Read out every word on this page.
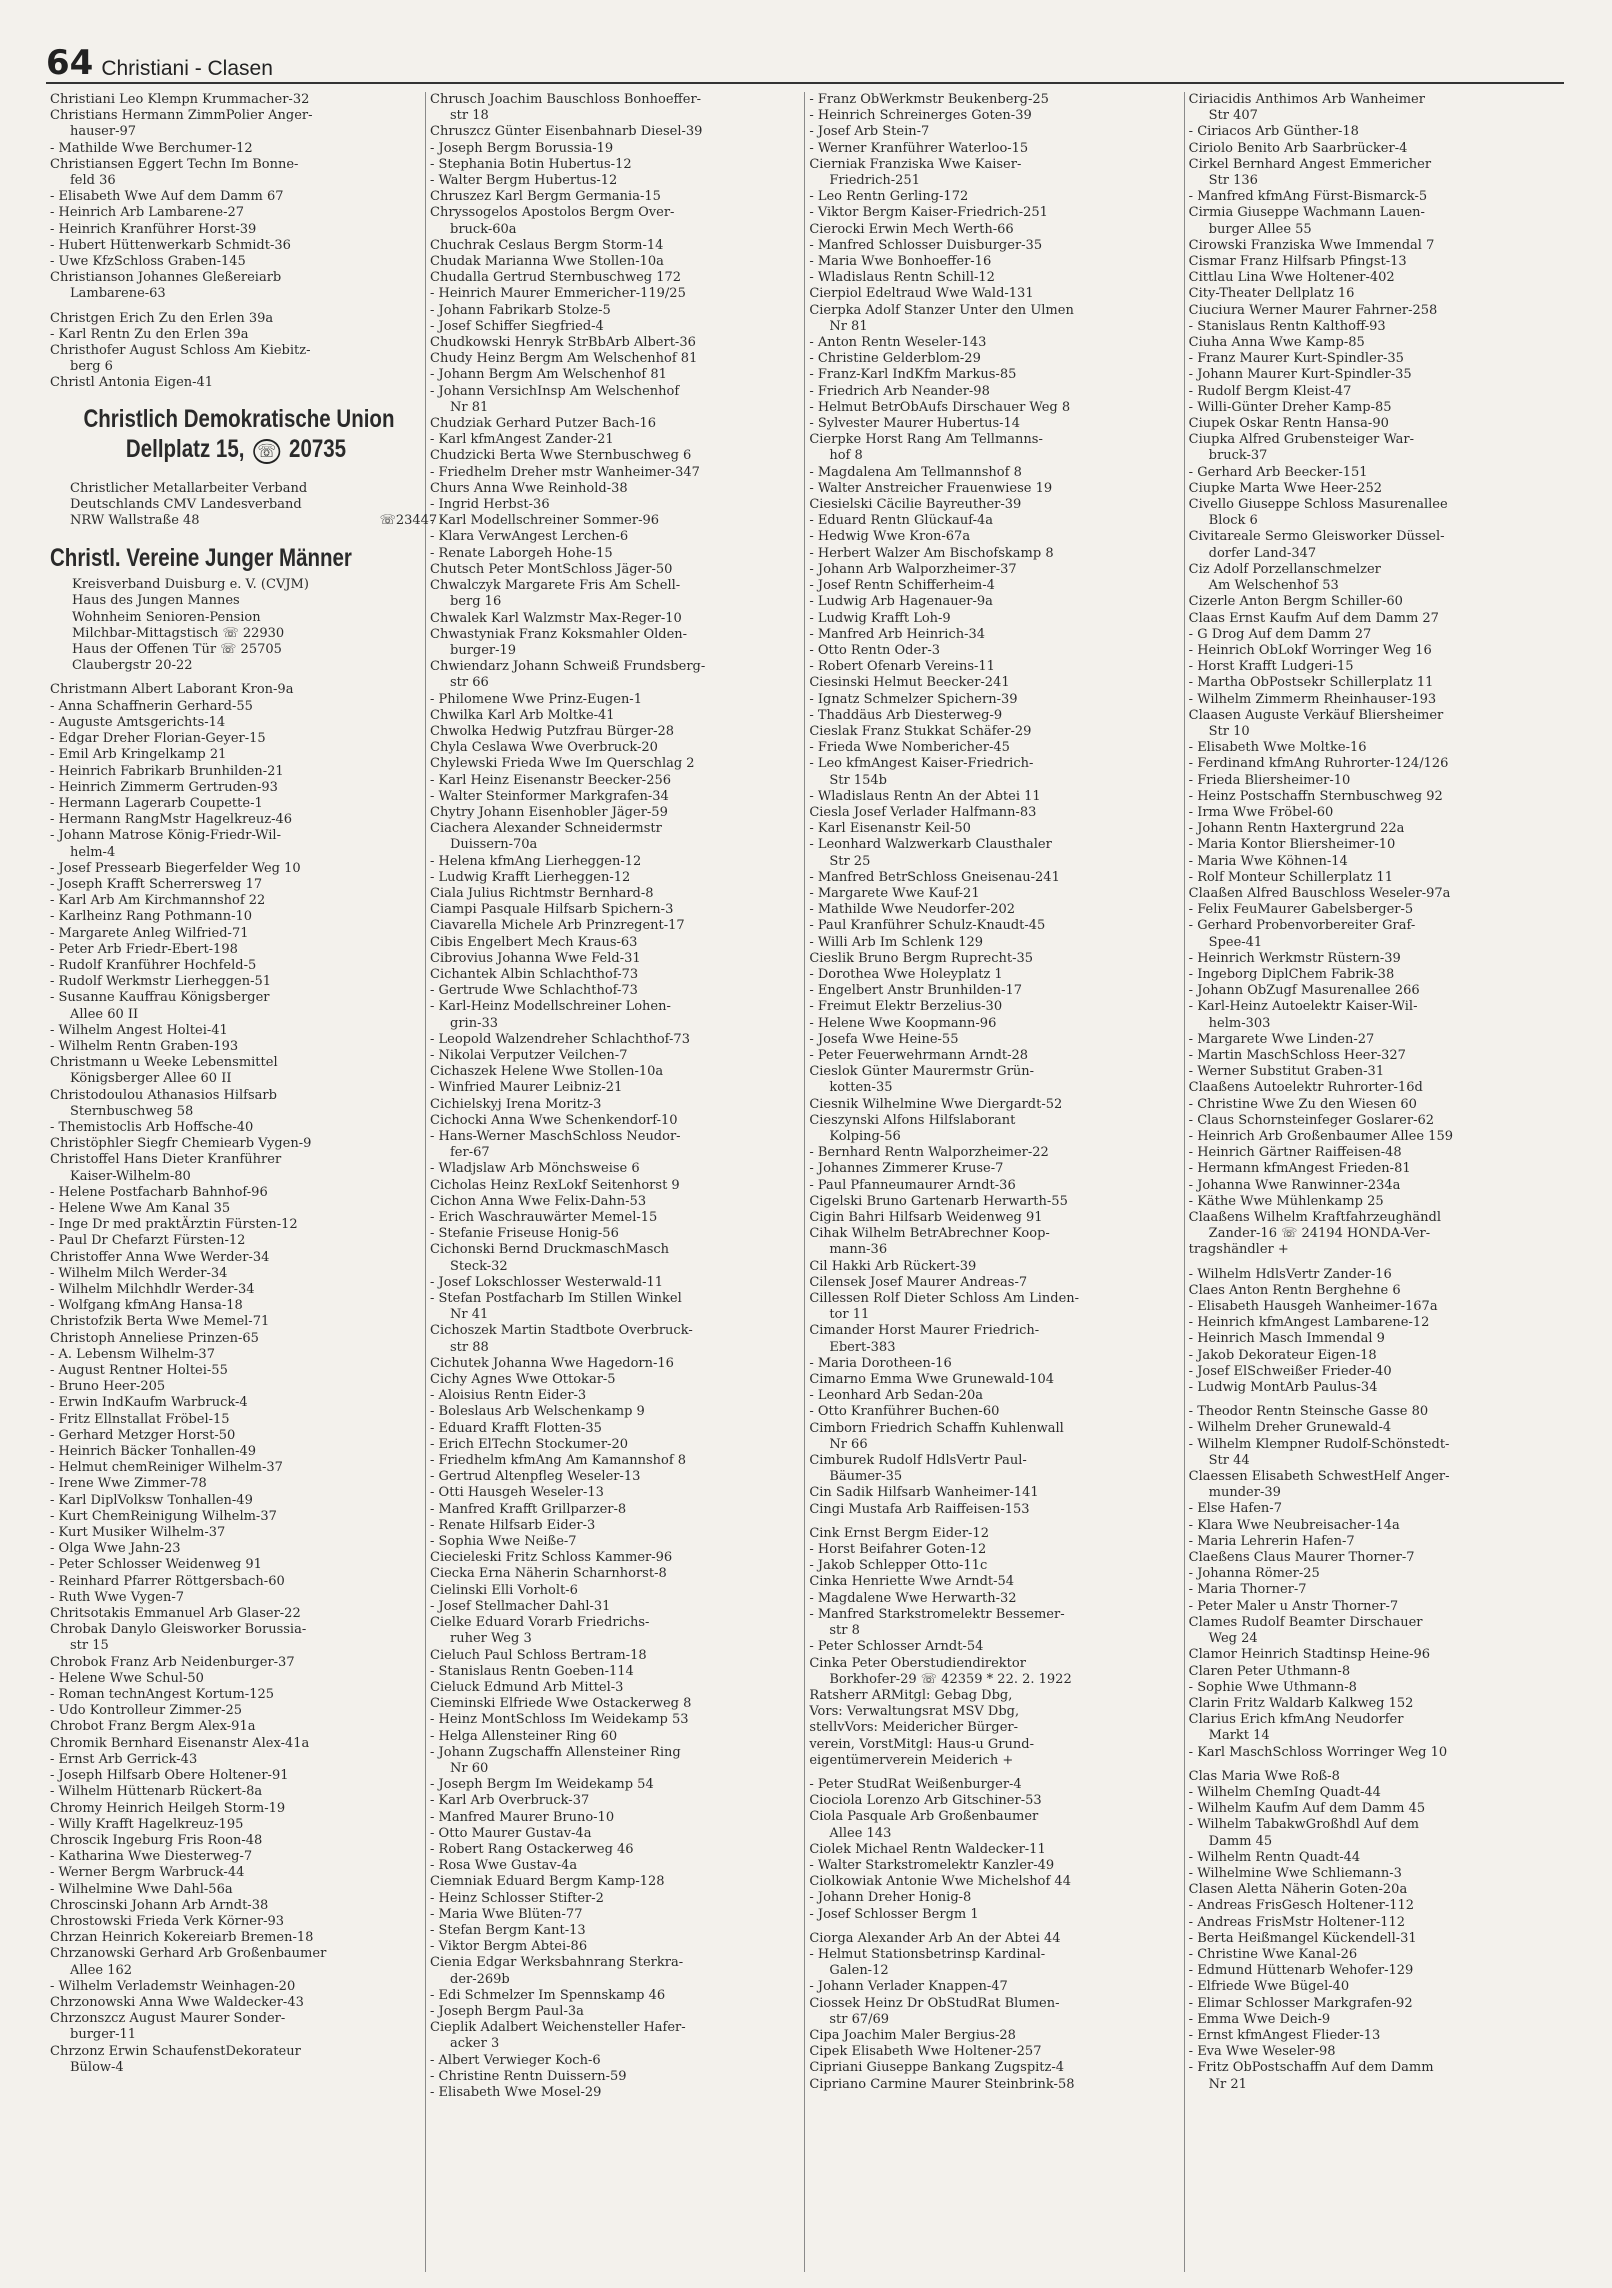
64 Christiani - Clasen
Christiani Leo Klempn Krummacher-32
Christians Hermann ZimmPolier Anger-
hauser-97
- Mathilde Wwe Berchumer-12
Christiansen Eggert Techn Im Bonne-
feld 36
- Elisabeth Wwe Auf dem Damm 67
- Heinrich Arb Lambarene-27
- Heinrich Kranführer Horst-39
- Hubert Hüttenwerkarb Schmidt-36
- Uwe KfzSchloss Graben-145
Christianson Johannes Gleßereiarb
Lambarene-63
Christgen Erich Zu den Erlen 39a
- Karl Rentn Zu den Erlen 39a
Christhofer August Schloss Am Kiebitz-
berg 6
Christl Antonia Eigen-41
Christlich Demokratische Union
Dellplatz 15, ☏ 20735
Christlicher Metallarbeiter Verband
Deutschlands CMV Landesverband
NRW Wallstraße 48	☏23447
Christl. Vereine Junger Männer
Kreisverband Duisburg e. V. (CVJM)
Haus des Jungen Mannes
Wohnheim Senioren-Pension
Milchbar-Mittagstisch ☏ 22930
Haus der Offenen Tür ☏ 25705
Claubergstr 20-22
Christmann Albert Laborant Kron-9a
- Anna Schaffnerin Gerhard-55
- Auguste Amtsgerichts-14
- Edgar Dreher Florian-Geyer-15
- Emil Arb Kringelkamp 21
- Heinrich Fabrikarb Brunhilden-21
- Heinrich Zimmerm Gertruden-93
- Hermann Lagerarb Coupette-1
- Hermann RangMstr Hagelkreuz-46
- Johann Matrose König-Friedr-Wil-
helm-4
- Josef Pressearb Biegerfelder Weg 10
- Joseph Krafft Scherrersweg 17
- Karl Arb Am Kirchmannshof 22
- Karlheinz Rang Pothmann-10
- Margarete Anleg Wilfried-71
- Peter Arb Friedr-Ebert-198
- Rudolf Kranführer Hochfeld-5
- Rudolf Werkmstr Lierheggen-51
- Susanne Kauffrau Königsberger
Allee 60 II
- Wilhelm Angest Holtei-41
- Wilhelm Rentn Graben-193
Christmann u Weeke Lebensmittel
Königsberger Allee 60 II
Christodoulou Athanasios Hilfsarb
Sternbuschweg 58
- Themistoclis Arb Hoffsche-40
Christöphler Siegfr Chemiearb Vygen-9
Christoffel Hans Dieter Kranführer
Kaiser-Wilhelm-80
- Helene Postfacharb Bahnhof-96
- Helene Wwe Am Kanal 35
- Inge Dr med praktÄrztin Fürsten-12
- Paul Dr Chefarzt Fürsten-12
Christoffer Anna Wwe Werder-34
- Wilhelm Milch Werder-34
- Wilhelm Milchhdlr Werder-34
- Wolfgang kfmAng Hansa-18
Christofzik Berta Wwe Memel-71
Christoph Anneliese Prinzen-65
- A. Lebensm Wilhelm-37
- August Rentner Holtei-55
- Bruno Heer-205
- Erwin IndKaufm Warbruck-4
- Fritz Ellnstallat Fröbel-15
- Gerhard Metzger Horst-50
- Heinrich Bäcker Tonhallen-49
- Helmut chemReiniger Wilhelm-37
- Irene Wwe Zimmer-78
- Karl DiplVolksw Tonhallen-49
- Kurt ChemReinigung Wilhelm-37
- Kurt Musiker Wilhelm-37
- Olga Wwe Jahn-23
- Peter Schlosser Weidenweg 91
- Reinhard Pfarrer Röttgersbach-60
- Ruth Wwe Vygen-7
Chritsotakis Emmanuel Arb Glaser-22
Chrobak Danylo Gleisworker Borussia-
str 15
Chrobok Franz Arb Neidenburger-37
- Helene Wwe Schul-50
- Roman technAngest Kortum-125
- Udo Kontrolleur Zimmer-25
Chrobot Franz Bergm Alex-91a
Chromik Bernhard Eisenanstr Alex-41a
- Ernst Arb Gerrick-43
- Joseph Hilfsarb Obere Holtener-91
- Wilhelm Hüttenarb Rückert-8a
Chromy Heinrich Heilgeh Storm-19
- Willy Krafft Hagelkreuz-195
Chroscik Ingeburg Fris Roon-48
- Katharina Wwe Diesterweg-7
- Werner Bergm Warbruck-44
- Wilhelmine Wwe Dahl-56a
Chroscinski Johann Arb Arndt-38
Chrostowski Frieda Verk Körner-93
Chrzan Heinrich Kokereiarb Bremen-18
Chrzanowski Gerhard Arb Großenbaumer
Allee 162
- Wilhelm Verlademstr Weinhagen-20
Chrzonowski Anna Wwe Waldecker-43
Chrzonszcz August Maurer Sonder-
burger-11
Chrzonz Erwin SchaufenstDekorateur
Bülow-4
Chrusch Joachim Bauschloss Bonhoeffer-
str 18
Chruszcz Günter Eisenbahnarb Diesel-39
- Joseph Bergm Borussia-19
- Stephania Botin Hubertus-12
- Walter Bergm Hubertus-12
Chruszez Karl Bergm Germania-15
Chryssogelos Apostolos Bergm Over-
bruck-60a
Chuchrak Ceslaus Bergm Storm-14
Chudak Marianna Wwe Stollen-10a
Chudalla Gertrud Sternbuschweg 172
- Heinrich Maurer Emmericher-119/25
- Johann Fabrikarb Stolze-5
- Josef Schiffer Siegfried-4
Chudkowski Henryk StrBbArb Albert-36
Chudy Heinz Bergm Am Welschenhof 81
- Johann Bergm Am Welschenhof 81
- Johann VersichInsp Am Welschenhof
Nr 81
Chudziak Gerhard Putzer Bach-16
- Karl kfmAngest Zander-21
Chudzicki Berta Wwe Sternbuschweg 6
- Friedhelm Dreher mstr Wanheimer-347
Churs Anna Wwe Reinhold-38
- Ingrid Herbst-36
- Karl Modellschreiner Sommer-96
- Klara VerwAngest Lerchen-6
- Renate Laborgeh Hohe-15
Chutsch Peter MontSchloss Jäger-50
Chwalczyk Margarete Fris Am Schell-
berg 16
Chwalek Karl Walzmstr Max-Reger-10
Chwastyniak Franz Koksmahler Olden-
burger-19
Chwiendarz Johann Schweiß Frundsberg-
str 66
- Philomene Wwe Prinz-Eugen-1
Chwilka Karl Arb Moltke-41
Chwolka Hedwig Putzfrau Bürger-28
Chyla Ceslawa Wwe Overbruck-20
Chylewski Frieda Wwe Im Querschlag 2
- Karl Heinz Eisenanstr Beecker-256
- Walter Steinformer Markgrafen-34
Chytry Johann Eisenhobler Jäger-59
Ciachera Alexander Schneidermstr
Duissern-70a
- Helena kfmAng Lierheggen-12
- Ludwig Krafft Lierheggen-12
Ciala Julius Richtmstr Bernhard-8
Ciampi Pasquale Hilfsarb Spichern-3
Ciavarella Michele Arb Prinzregent-17
Cibis Engelbert Mech Kraus-63
Cibrovius Johanna Wwe Feld-31
Cichantek Albin Schlachthof-73
- Gertrude Wwe Schlachthof-73
- Karl-Heinz Modellschreiner Lohen-
grin-33
- Leopold Walzendreher Schlachthof-73
- Nikolai Verputzer Veilchen-7
Cichaszek Helene Wwe Stollen-10a
- Winfried Maurer Leibniz-21
Cichielskyj Irena Moritz-3
Cichocki Anna Wwe Schenkendorf-10
- Hans-Werner MaschSchloss Neudor-
fer-67
- Wladjslaw Arb Mönchsweise 6
Cicholas Heinz RexLokf Seitenhorst 9
Cichon Anna Wwe Felix-Dahn-53
- Erich Waschrauwärter Memel-15
- Stefanie Friseuse Honig-56
Cichonski Bernd DruckmaschMasch
Steck-32
- Josef Lokschlosser Westerwald-11
- Stefan Postfacharb Im Stillen Winkel
Nr 41
Cichoszek Martin Stadtbote Overbruck-
str 88
Cichutek Johanna Wwe Hagedorn-16
Cichy Agnes Wwe Ottokar-5
- Aloisius Rentn Eider-3
- Boleslaus Arb Welschenkamp 9
- Eduard Krafft Flotten-35
- Erich ElTechn Stockumer-20
- Friedhelm kfmAng Am Kamannshof 8
- Gertrud Altenpfleg Weseler-13
- Otti Hausgeh Weseler-13
- Manfred Krafft Grillparzer-8
- Renate Hilfsarb Eider-3
- Sophia Wwe Neiße-7
Ciecieleski Fritz Schloss Kammer-96
Ciecka Erna Näherin Scharnhorst-8
Cielinski Elli Vorholt-6
- Josef Stellmacher Dahl-31
Cielke Eduard Vorarb Friedrichs-
ruher Weg 3
Cieluch Paul Schloss Bertram-18
- Stanislaus Rentn Goeben-114
Cieluck Edmund Arb Mittel-3
Cieminski Elfriede Wwe Ostackerweg 8
- Heinz MontSchloss Im Weidekamp 53
- Helga Allensteiner Ring 60
- Johann Zugschaffn Allensteiner Ring
Nr 60
- Joseph Bergm Im Weidekamp 54
- Karl Arb Overbruck-37
- Manfred Maurer Bruno-10
- Otto Maurer Gustav-4a
- Robert Rang Ostackerweg 46
- Rosa Wwe Gustav-4a
Ciemniak Eduard Bergm Kamp-128
- Heinz Schlosser Stifter-2
- Maria Wwe Blüten-77
- Stefan Bergm Kant-13
- Viktor Bergm Abtei-86
Cienia Edgar Werksbahnrang Sterkra-
der-269b
- Edi Schmelzer Im Spennskamp 46
- Joseph Bergm Paul-3a
Cieplik Adalbert Weichensteller Hafer-
acker 3
- Albert Verwieger Koch-6
- Christine Rentn Duissern-59
- Elisabeth Wwe Mosel-29
- Franz ObWerkmstr Beukenberg-25
- Heinrich Schreinerges Goten-39
- Josef Arb Stein-7
- Werner Kranführer Waterloo-15
Cierniak Franziska Wwe Kaiser-
Friedrich-251
- Leo Rentn Gerling-172
- Viktor Bergm Kaiser-Friedrich-251
Cierocki Erwin Mech Werth-66
- Manfred Schlosser Duisburger-35
- Maria Wwe Bonhoeffer-16
- Wladislaus Rentn Schill-12
Cierpiol Edeltraud Wwe Wald-131
Cierpka Adolf Stanzer Unter den Ulmen
Nr 81
- Anton Rentn Weseler-143
- Christine Gelderblom-29
- Franz-Karl IndKfm Markus-85
- Friedrich Arb Neander-98
- Helmut BetrObAufs Dirschauer Weg 8
- Sylvester Maurer Hubertus-14
Cierpke Horst Rang Am Tellmanns-
hof 8
- Magdalena Am Tellmannshof 8
- Walter Anstreicher Frauenwiese 19
Ciesielski Cäcilie Bayreuther-39
- Eduard Rentn Glückauf-4a
- Hedwig Wwe Kron-67a
- Herbert Walzer Am Bischofskamp 8
- Johann Arb Walporzheimer-37
- Josef Rentn Schifferheim-4
- Ludwig Arb Hagenauer-9a
- Ludwig Krafft Loh-9
- Manfred Arb Heinrich-34
- Otto Rentn Oder-3
- Robert Ofenarb Vereins-11
Ciesinski Helmut Beecker-241
- Ignatz Schmelzer Spichern-39
- Thaddäus Arb Diesterweg-9
Cieslak Franz Stukkat Schäfer-29
- Frieda Wwe Nombericher-45
- Leo kfmAngest Kaiser-Friedrich-
Str 154b
- Wladislaus Rentn An der Abtei 11
Ciesla Josef Verlader Halfmann-83
- Karl Eisenanstr Keil-50
- Leonhard Walzwerkarb Clausthaler
Str 25
- Manfred BetrSchloss Gneisenau-241
- Margarete Wwe Kauf-21
- Mathilde Wwe Neudorfer-202
- Paul Kranführer Schulz-Knaudt-45
- Willi Arb Im Schlenk 129
Cieslik Bruno Bergm Ruprecht-35
- Dorothea Wwe Holeyplatz 1
- Engelbert Anstr Brunhilden-17
- Freimut Elektr Berzelius-30
- Helene Wwe Koopmann-96
- Josefa Wwe Heine-55
- Peter Feuerwehrmann Arndt-28
Cieslok Günter Maurermstr Grün-
kotten-35
Ciesnik Wilhelmine Wwe Diergardt-52
Cieszynski Alfons Hilfslaborant
Kolping-56
- Bernhard Rentn Walporzheimer-22
- Johannes Zimmerer Kruse-7
- Paul Pfanneumaurer Arndt-36
Cigelski Bruno Gartenarb Herwarth-55
Cigin Bahri Hilfsarb Weidenweg 91
Cihak Wilhelm BetrAbrechner Koop-
mann-36
Cil Hakki Arb Rückert-39
Cilensek Josef Maurer Andreas-7
Cillessen Rolf Dieter Schloss Am Linden-
tor 11
Cimander Horst Maurer Friedrich-
Ebert-383
- Maria Dorotheen-16
Cimarno Emma Wwe Grunewald-104
- Leonhard Arb Sedan-20a
- Otto Kranführer Buchen-60
Cimborn Friedrich Schaffn Kuhlenwall
Nr 66
Cimburek Rudolf HdlsVertr Paul-
Bäumer-35
Cin Sadik Hilfsarb Wanheimer-141
Cingi Mustafa Arb Raiffeisen-153
Cink Ernst Bergm Eider-12
- Horst Beifahrer Goten-12
- Jakob Schlepper Otto-11c
Cinka Henriette Wwe Arndt-54
- Magdalene Wwe Herwarth-32
- Manfred Starkstromelektr Bessemer-
str 8
- Peter Schlosser Arndt-54
Cinka Peter Oberstudiendirektor
Borkhofer-29 ☏ 42359 * 22. 2. 1922
Ratsherr ARMitgl: Gebag Dbg,
Vors: Verwaltungsrat MSV Dbg,
stellvVors: Meidericher Bürger-
verein, VorstMitgl: Haus-u Grund-
eigentümerverein Meiderich +
- Peter StudRat Weißenburger-4
Ciociola Lorenzo Arb Gitschiner-53
Ciola Pasquale Arb Großenbaumer
Allee 143
Ciolek Michael Rentn Waldecker-11
- Walter Starkstromelektr Kanzler-49
Ciolkowiak Antonie Wwe Michelshof 44
- Johann Dreher Honig-8
- Josef Schlosser Bergm 1
Ciorga Alexander Arb An der Abtei 44
- Helmut Stationsbetrinsp Kardinal-
Galen-12
- Johann Verlader Knappen-47
Ciossek Heinz Dr ObStudRat Blumen-
str 67/69
Cipa Joachim Maler Bergius-28
Cipek Elisabeth Wwe Holtener-257
Cipriani Giuseppe Bankang Zugspitz-4
Cipriano Carmine Maurer Steinbrink-58
Ciriacidis Anthimos Arb Wanheimer
Str 407
- Ciriacos Arb Günther-18
Ciriolo Benito Arb Saarbrücker-4
Cirkel Bernhard Angest Emmericher
Str 136
- Manfred kfmAng Fürst-Bismarck-5
Cirmia Giuseppe Wachmann Lauen-
burger Allee 55
Cirowski Franziska Wwe Immendal 7
Cismar Franz Hilfsarb Pfingst-13
Cittlau Lina Wwe Holtener-402
City-Theater Dellplatz 16
Ciuciura Werner Maurer Fahrner-258
- Stanislaus Rentn Kalthoff-93
Ciuha Anna Wwe Kamp-85
- Franz Maurer Kurt-Spindler-35
- Johann Maurer Kurt-Spindler-35
- Rudolf Bergm Kleist-47
- Willi-Günter Dreher Kamp-85
Ciupek Oskar Rentn Hansa-90
Ciupka Alfred Grubensteiger War-
bruck-37
- Gerhard Arb Beecker-151
Ciupke Marta Wwe Heer-252
Civello Giuseppe Schloss Masurenallee
Block 6
Civitareale Sermo Gleisworker Düssel-
dorfer Land-347
Ciz Adolf Porzellanschmelzer
Am Welschenhof 53
Cizerle Anton Bergm Schiller-60
Claas Ernst Kaufm Auf dem Damm 27
- G Drog Auf dem Damm 27
- Heinrich ObLokf Worringer Weg 16
- Horst Krafft Ludgeri-15
- Martha ObPostsekr Schillerplatz 11
- Wilhelm Zimmerm Rheinhauser-193
Claasen Auguste Verkäuf Bliersheimer
Str 10
- Elisabeth Wwe Moltke-16
- Ferdinand kfmAng Ruhrorter-124/126
- Frieda Bliersheimer-10
- Heinz Postschaffn Sternbuschweg 92
- Irma Wwe Fröbel-60
- Johann Rentn Haxtergrund 22a
- Maria Kontor Bliersheimer-10
- Maria Wwe Köhnen-14
- Rolf Monteur Schillerplatz 11
Claaßen Alfred Bauschloss Weseler-97a
- Felix FeuMaurer Gabelsberger-5
- Gerhard Probenvorbereiter Graf-
Spee-41
- Heinrich Werkmstr Rüstern-39
- Ingeborg DiplChem Fabrik-38
- Johann ObZugf Masurenallee 266
- Karl-Heinz Autoelektr Kaiser-Wil-
helm-303
- Margarete Wwe Linden-27
- Martin MaschSchloss Heer-327
- Werner Substitut Graben-31
Claaßens Autoelektr Ruhrorter-16d
- Christine Wwe Zu den Wiesen 60
- Claus Schornsteinfeger Goslarer-62
- Heinrich Arb Großenbaumer Allee 159
- Heinrich Gärtner Raiffeisen-48
- Hermann kfmAngest Frieden-81
- Johanna Wwe Ranwinner-234a
- Käthe Wwe Mühlenkamp 25
Claaßens Wilhelm Kraftfahrzeughändl
Zander-16 ☏ 24194 HONDA-Ver-
tragshändler +
- Wilhelm HdlsVertr Zander-16
Claes Anton Rentn Berghehne 6
- Elisabeth Hausgeh Wanheimer-167a
- Heinrich kfmAngest Lambarene-12
- Heinrich Masch Immendal 9
- Jakob Dekorateur Eigen-18
- Josef ElSchweißer Frieder-40
- Ludwig MontArb Paulus-34
- Theodor Rentn Steinsche Gasse 80
- Wilhelm Dreher Grunewald-4
- Wilhelm Klempner Rudolf-Schönstedt-
Str 44
Claessen Elisabeth SchwestHelf Anger-
munder-39
- Else Hafen-7
- Klara Wwe Neubreisacher-14a
- Maria Lehrerin Hafen-7
Claeßens Claus Maurer Thorner-7
- Johanna Römer-25
- Maria Thorner-7
- Peter Maler u Anstr Thorner-7
Clames Rudolf Beamter Dirschauer
Weg 24
Clamor Heinrich Stadtinsp Heine-96
Claren Peter Uthmann-8
- Sophie Wwe Uthmann-8
Clarin Fritz Waldarb Kalkweg 152
Clarius Erich kfmAng Neudorfer
Markt 14
- Karl MaschSchloss Worringer Weg 10
Clas Maria Wwe Roß-8
- Wilhelm ChemIng Quadt-44
- Wilhelm Kaufm Auf dem Damm 45
- Wilhelm TabakwGroßhdl Auf dem
Damm 45
- Wilhelm Rentn Quadt-44
- Wilhelmine Wwe Schliemann-3
Clasen Aletta Näherin Goten-20a
- Andreas FrisGesch Holtener-112
- Andreas FrisMstr Holtener-112
- Berta Heißmangel Kückendell-31
- Christine Wwe Kanal-26
- Edmund Hüttenarb Wehofer-129
- Elfriede Wwe Bügel-40
- Elimar Schlosser Markgrafen-92
- Emma Wwe Deich-9
- Ernst kfmAngest Flieder-13
- Eva Wwe Weseler-98
- Fritz ObPostschaffn Auf dem Damm
Nr 21
